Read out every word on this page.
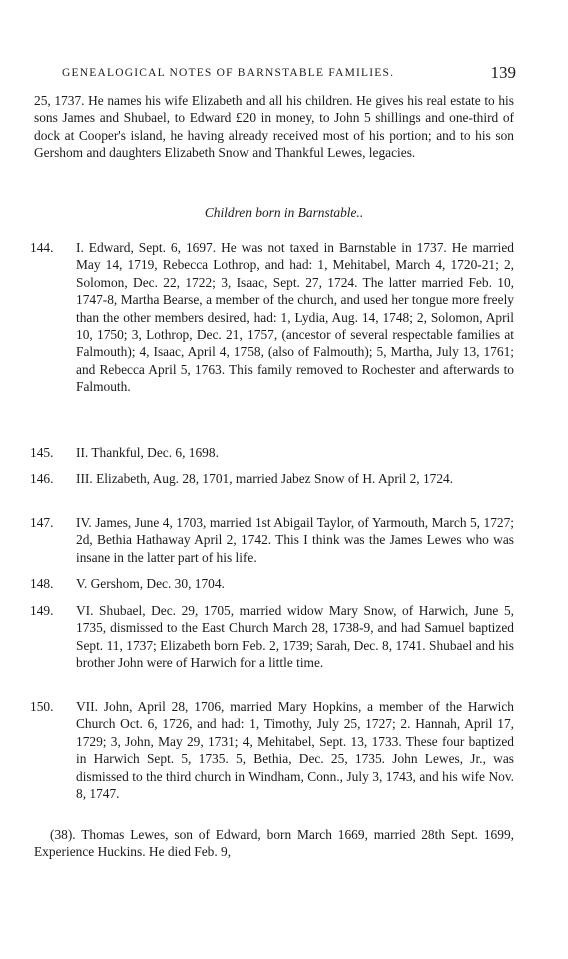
GENEALOGICAL NOTES OF BARNSTABLE FAMILIES.	139

25, 1737. He names his wife Elizabeth and all his children. He gives his real estate to his sons James and Shubael, to Edward £20 in money, to John 5 shillings and one-third of dock at Cooper's island, he having already received most of his portion; and to his son Gershom and daughters Elizabeth Snow and Thankful Lewes, legacies.

Children born in Barnstable..
144.	I. Edward, Sept. 6, 1697. He was not taxed in Barnstable in 1737. He married May 14, 1719, Rebecca Lothrop, and had: 1, Mehitabel, March 4, 1720-21; 2, Solomon, Dec. 22, 1722; 3, Isaac, Sept. 27, 1724. The latter married Feb. 10, 1747-8, Martha Bearse, a member of the church, and used her tongue more freely than the other members desired, had: 1, Lydia, Aug. 14, 1748; 2, Solomon, April 10, 1750; 3, Lothrop, Dec. 21, 1757, (ancestor of several respectable families at Falmouth); 4, Isaac, April 4, 1758, (also of Falmouth); 5, Martha, July 13, 1761; and Rebecca April 5, 1763. This family removed to Rochester and afterwards to Falmouth.
145.	II. Thankful, Dec. 6, 1698.
146.	III. Elizabeth, Aug. 28, 1701, married Jabez Snow of H. April 2, 1724.
147.	IV. James, June 4, 1703, married 1st Abigail Taylor, of Yarmouth, March 5, 1727; 2d, Bethia Hathaway April 2, 1742. This I think was the James Lewes who was insane in the latter part of his life.
148.	V. Gershom, Dec. 30, 1704.
149.	VI. Shubael, Dec. 29, 1705, married widow Mary Snow, of Harwich, June 5, 1735, dismissed to the East Church March 28, 1738-9, and had Samuel baptized Sept. 11, 1737; Elizabeth born Feb. 2, 1739; Sarah, Dec. 8, 1741. Shubael and his brother John were of Harwich for a little time.
150.	VII. John, April 28, 1706, married Mary Hopkins, a member of the Harwich Church Oct. 6, 1726, and had: 1, Timothy, July 25, 1727; 2. Hannah, April 17, 1729; 3, John, May 29, 1731; 4, Mehitabel, Sept. 13, 1733. These four baptized in Harwich Sept. 5, 1735. 5, Bethia, Dec. 25, 1735. John Lewes, Jr., was dismissed to the third church in Windham, Conn., July 3, 1743, and his wife Nov. 8, 1747.

(38). Thomas Lewes, son of Edward, born March 1669, married 28th Sept. 1699, Experience Huckins. He died Feb. 9,
